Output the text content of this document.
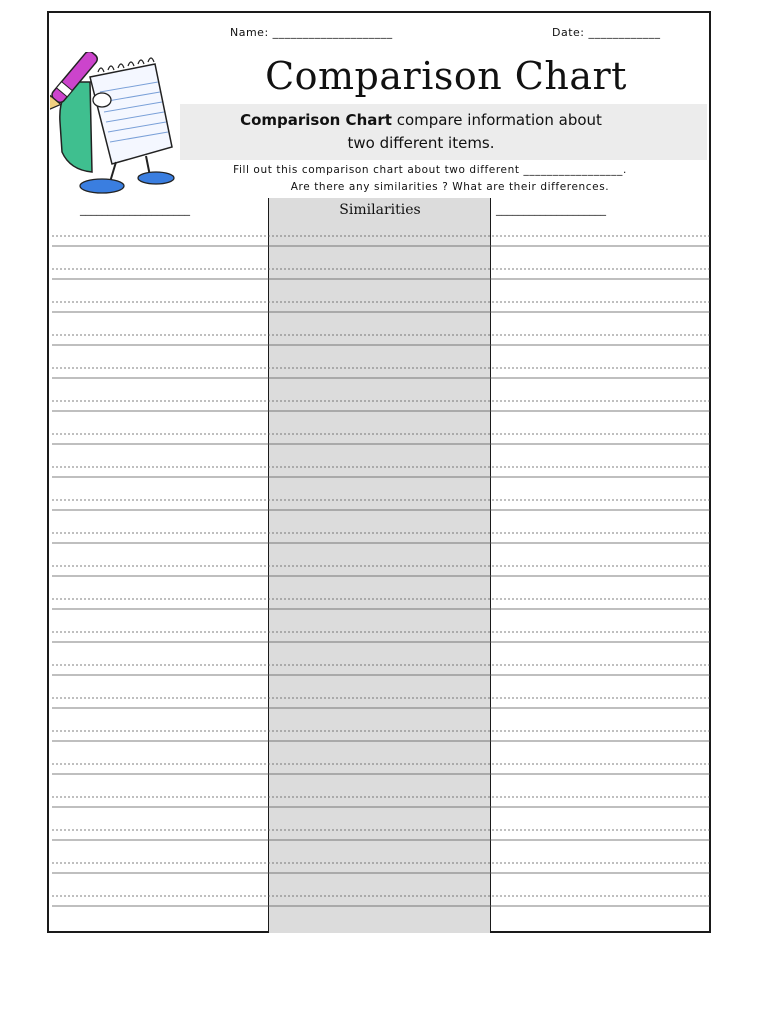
Name: ____________________	Date: ____________
Comparison Chart
Comparison Chart compare information about
two different items.
Fill out this comparison chart about two different _________________.
Are there any similarities ? What are their differences.
____________________	Similarities	____________________
